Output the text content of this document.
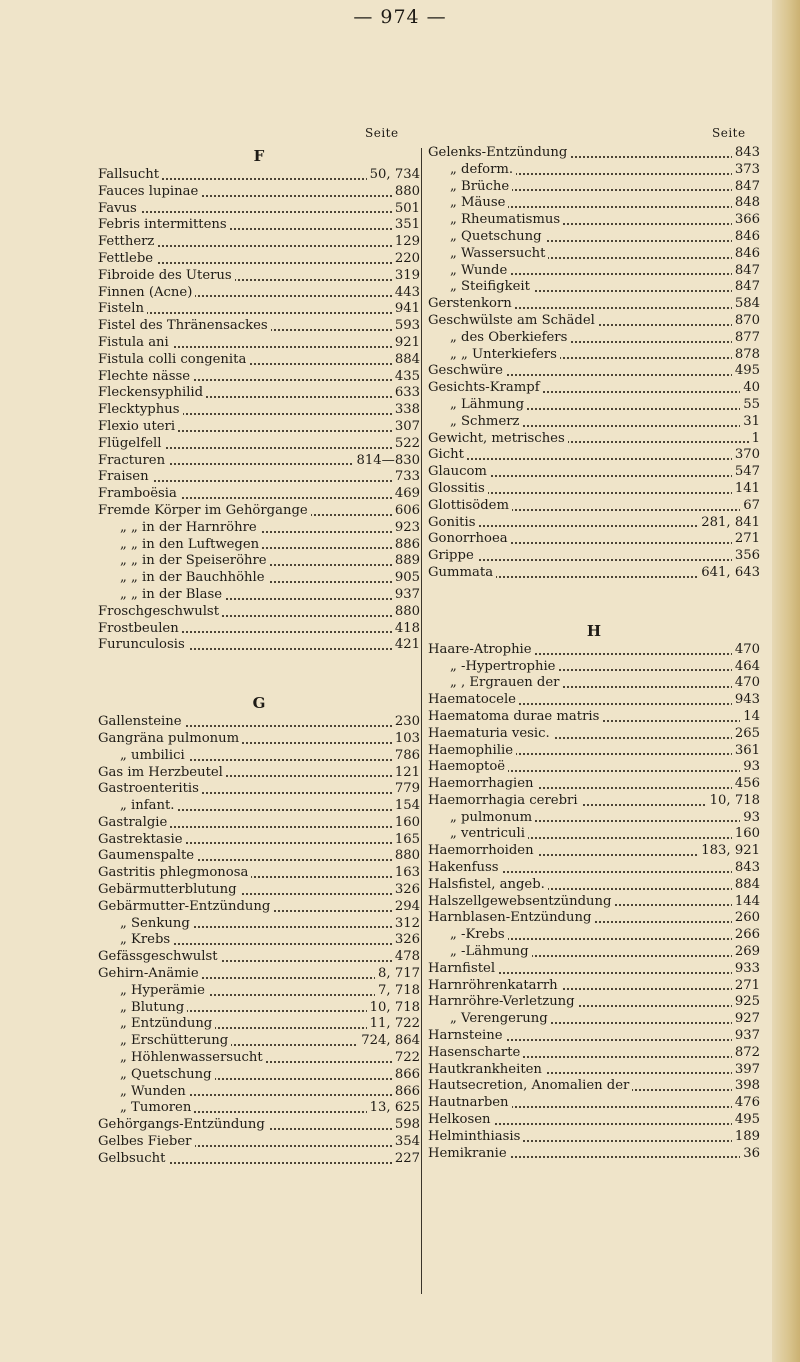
— 974 —
Seite	Seite
F
Fallsucht	50, 734
Fauces lupinae	880
Favus	501
Febris intermittens	351
Fettherz	129
Fettlebe	220
Fibroide des Uterus	319
Finnen (Acne)	443
Fisteln	941
Fistel des Thränensackes	593
Fistula ani	921
Fistula colli congenita	884
Flechte nässe	435
Fleckensyphilid	633
Flecktyphus	338
Flexio uteri	307
Flügelfell	522
Fracturen	814—830
Fraisen	733
Framboësia	469
Fremde Körper im Gehörgange	606
„ „ in der Harnröhre	923
„ „ in den Luftwegen	886
„ „ in der Speiseröhre	889
„ „ in der Bauchhöhle	905
„ „ in der Blase	937
Froschgeschwulst	880
Frostbeulen	418
Furunculosis	421
G
Gallensteine	230
Gangräna pulmonum	103
„ umbilici	786
Gas im Herzbeutel	121
Gastroenteritis	779
„ infant.	154
Gastralgie	160
Gastrektasie	165
Gaumenspalte	880
Gastritis phlegmonosa	163
Gebärmutterblutung	326
Gebärmutter-Entzündung	294
„ Senkung	312
„ Krebs	326
Gefässgeschwulst	478
Gehirn-Anämie	8, 717
„ Hyperämie	7, 718
„ Blutung	10, 718
„ Entzündung	11, 722
„ Erschütterung	724, 864
„ Höhlenwassersucht	722
„ Quetschung	866
„ Wunden	866
„ Tumoren	13, 625
Gehörgangs-Entzündung	598
Gelbes Fieber	354
Gelbsucht	227
Gelenks-Entzündung	843
„ deform.	373
„ Brüche	847
„ Mäuse	848
„ Rheumatismus	366
„ Quetschung	846
„ Wassersucht	846
„ Wunde	847
„ Steifigkeit	847
Gerstenkorn	584
Geschwülste am Schädel	870
„ des Oberkiefers	877
„ „ Unterkiefers	878
Geschwüre	495
Gesichts-Krampf	40
„ Lähmung	55
„ Schmerz	31
Gewicht, metrisches	1
Gicht	370
Glaucom	547
Glossitis	141
Glottisödem	67
Gonitis	281, 841
Gonorrhoea	271
Grippe	356
Gummata	641, 643
H
Haare-Atrophie	470
„ -Hypertrophie	464
„ , Ergrauen der	470
Haematocele	943
Haematoma durae matris	14
Haematuria vesic.	265
Haemophilie	361
Haemoptoë	93
Haemorrhagien	456
Haemorrhagia cerebri	10, 718
„ pulmonum	93
„ ventriculi	160
Haemorrhoiden	183, 921
Hakenfuss	843
Halsfistel, angeb.	884
Halszellgewebsentzündung	144
Harnblasen-Entzündung	260
„ -Krebs	266
„ -Lähmung	269
Harnfistel	933
Harnröhrenkatarrh	271
Harnröhre-Verletzung	925
„ Verengerung	927
Harnsteine	937
Hasenscharte	872
Hautkrankheiten	397
Hautsecretion, Anomalien der	398
Hautnarben	476
Helkosen	495
Helminthiasis	189
Hemikranie	36
